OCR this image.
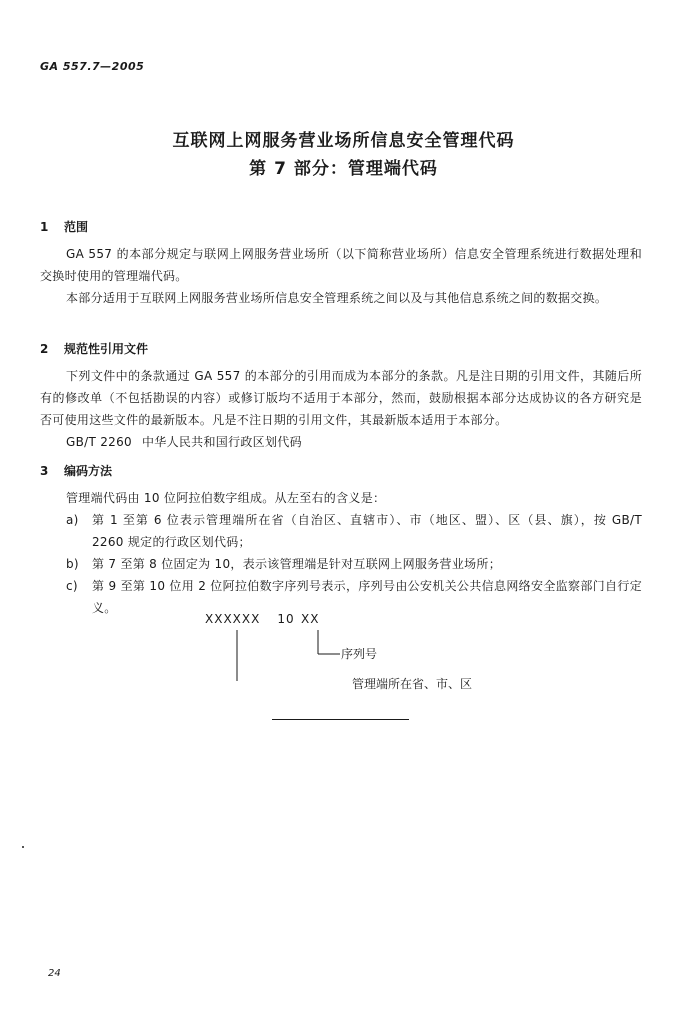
GA 557.7—2005
互联网上网服务营业场所信息安全管理代码
第 7 部分：管理端代码
1 范围
GA 557 的本部分规定与联网上网服务营业场所（以下简称营业场所）信息安全管理系统进行数据处理和交换时使用的管理端代码。
本部分适用于互联网上网服务营业场所信息安全管理系统之间以及与其他信息系统之间的数据交换。
2 规范性引用文件
下列文件中的条款通过 GA 557 的本部分的引用而成为本部分的条款。凡是注日期的引用文件，其随后所有的修改单（不包括勘误的内容）或修订版均不适用于本部分，然而，鼓励根据本部分达成协议的各方研究是否可使用这些文件的最新版本。凡是不注日期的引用文件，其最新版本适用于本部分。
GB/T 2260 中华人民共和国行政区划代码
3 编码方法
管理端代码由 10 位阿拉伯数字组成。从左至右的含义是：
a) 第 1 至第 6 位表示管理端所在省（自治区、直辖市）、市（地区、盟）、区（县、旗），按 GB/T 2260 规定的行政区划代码；
b) 第 7 至第 8 位固定为 10，表示该管理端是针对互联网上网服务营业场所；
c) 第 9 至第 10 位用 2 位阿拉伯数字序列号表示，序列号由公安机关公共信息网络安全监察部门自行定义。
XXXXXX 10 XX
序列号
管理端所在省、市、区
24
